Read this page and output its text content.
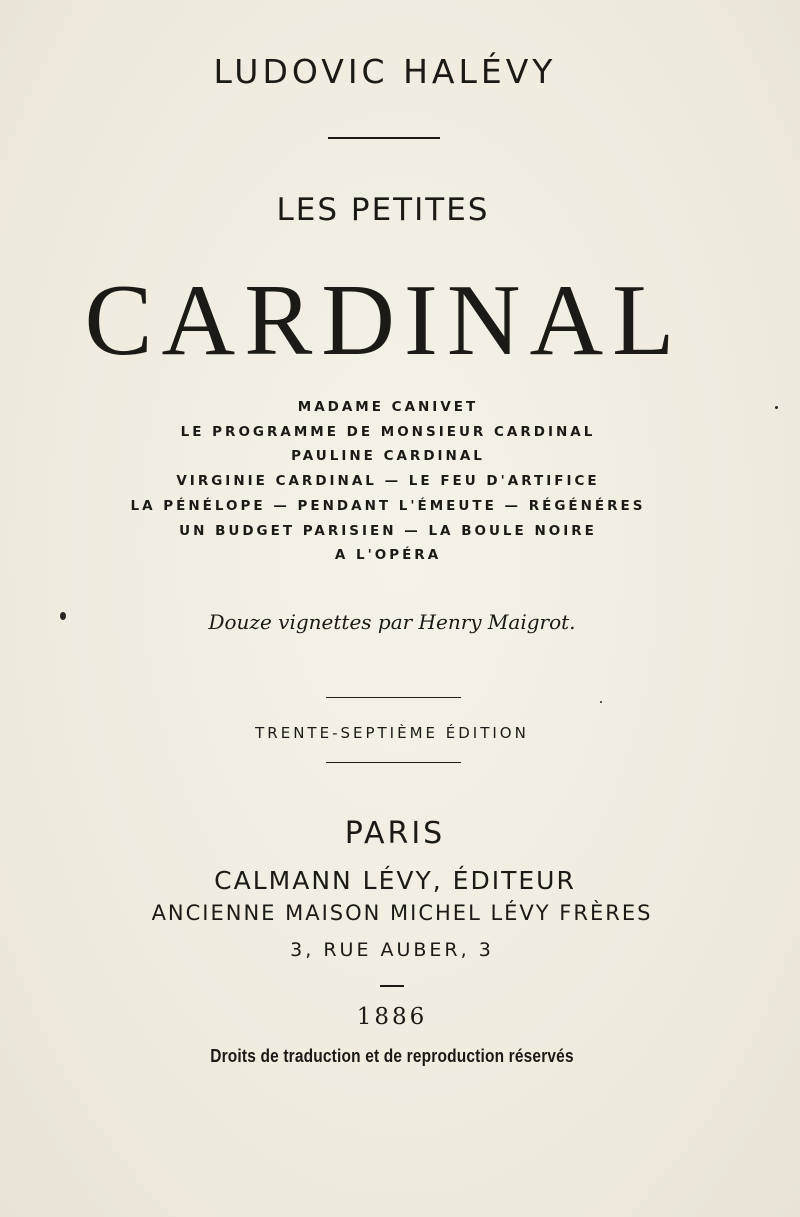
LUDOVIC HALÉVY
LES PETITES
CARDINAL
MADAME CANIVET
LE PROGRAMME DE MONSIEUR CARDINAL
PAULINE CARDINAL
VIRGINIE CARDINAL — LE FEU D'ARTIFICE
LA PÉNÉLOPE — PENDANT L'ÉMEUTE — RÉGÉNÉRES
UN BUDGET PARISIEN — LA BOULE NOIRE
A L'OPÉRA
Douze vignettes par Henry Maigrot.
TRENTE-SEPTIÈME ÉDITION
PARIS
CALMANN LÉVY, ÉDITEUR
ANCIENNE MAISON MICHEL LÉVY FRÈRES
3, RUE AUBER, 3
1886
Droits de traduction et de reproduction réservés
